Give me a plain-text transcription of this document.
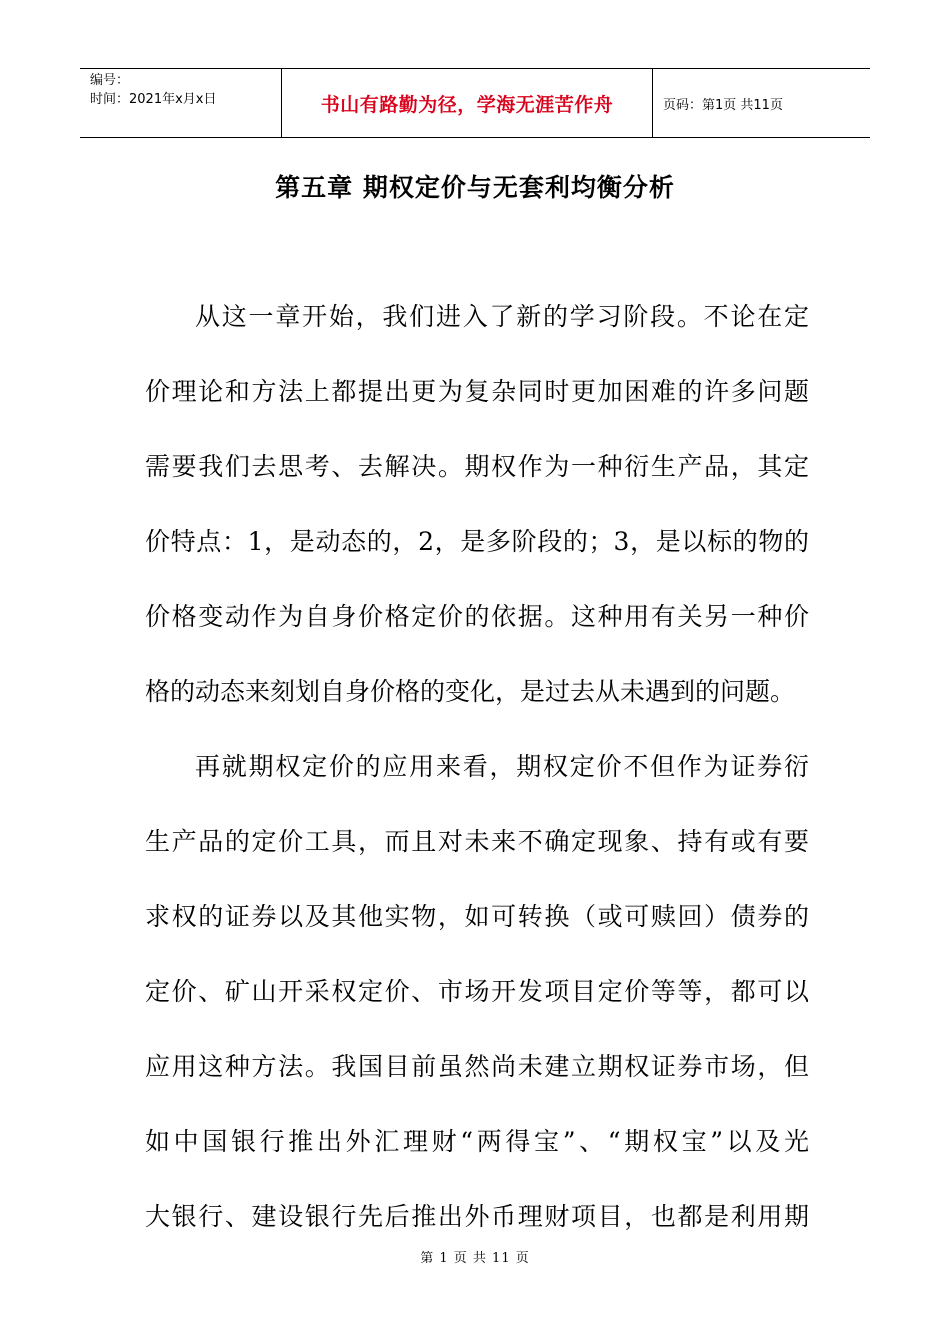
编号：
时间：2021年x月x日	书山有路勤为径，学海无涯苦作舟	页码：第1页 共11页
第五章 期权定价与无套利均衡分析
从这一章开始，我们进入了新的学习阶段。不论在定
价理论和方法上都提出更为复杂同时更加困难的许多问题
需要我们去思考、去解决。期权作为一种衍生产品，其定
价特点：1，是动态的，2，是多阶段的；3，是以标的物的
价格变动作为自身价格定价的依据。这种用有关另一种价
格的动态来刻划自身价格的变化，是过去从未遇到的问题。
再就期权定价的应用来看，期权定价不但作为证券衍
生产品的定价工具，而且对未来不确定现象、持有或有要
求权的证券以及其他实物，如可转换（或可赎回）债券的
定价、矿山开采权定价、市场开发项目定价等等，都可以
应用这种方法。我国目前虽然尚未建立期权证券市场，但
如中国银行推出外汇理财“两得宝”、“期权宝”以及光
大银行、建设银行先后推出外币理财项目，也都是利用期
第 1 页 共 11 页
